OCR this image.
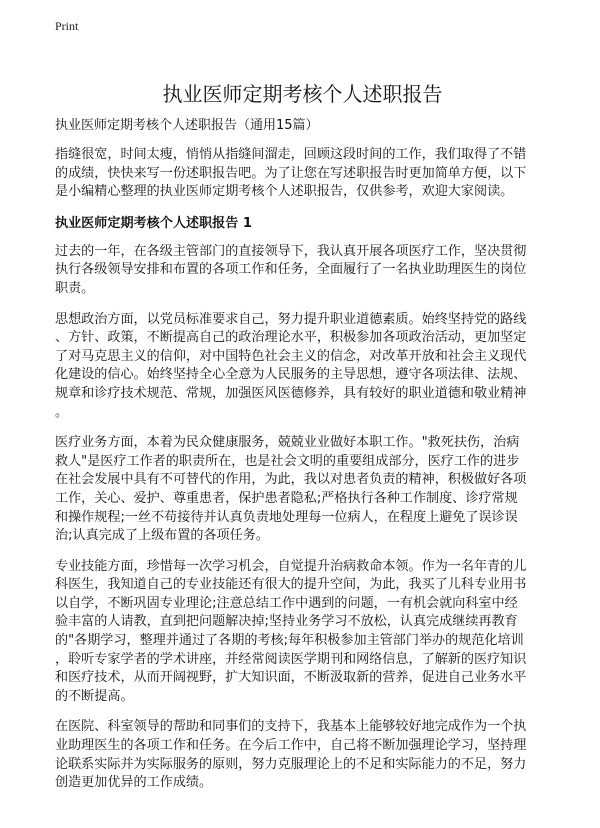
Print
执业医师定期考核个人述职报告
执业医师定期考核个人述职报告（通用15篇）
指缝很宽，时间太瘦，悄悄从指缝间溜走，回顾这段时间的工作，我们取得了不错
的成绩，快快来写一份述职报告吧。为了让您在写述职报告时更加简单方便，以下
是小编精心整理的执业医师定期考核个人述职报告，仅供参考，欢迎大家阅读。
执业医师定期考核个人述职报告 1
过去的一年，在各级主管部门的直接领导下，我认真开展各项医疗工作，坚决贯彻
执行各级领导安排和布置的各项工作和任务，全面履行了一名执业助理医生的岗位
职责。
思想政治方面，以党员标准要求自己，努力提升职业道德素质。始终坚持党的路线
、方针、政策，不断提高自己的政治理论水平，积极参加各项政治活动，更加坚定
了对马克思主义的信仰，对中国特色社会主义的信念，对改革开放和社会主义现代
化建设的信心。始终坚持全心全意为人民服务的主导思想，遵守各项法律、法规、
规章和诊疗技术规范、常规，加强医风医德修养，具有较好的职业道德和敬业精神
。
医疗业务方面，本着为民众健康服务，兢兢业业做好本职工作。"救死扶伤，治病
救人"是医疗工作者的职责所在，也是社会文明的重要组成部分，医疗工作的进步
在社会发展中具有不可替代的作用，为此，我以对患者负责的精神，积极做好各项
工作，关心、爱护、尊重患者，保护患者隐私;严格执行各种工作制度、诊疗常规
和操作规程;一丝不苟接待并认真负责地处理每一位病人，在程度上避免了误诊误
治;认真完成了上级布置的各项任务。
专业技能方面，珍惜每一次学习机会，自觉提升治病救命本领。作为一名年青的儿
科医生，我知道自己的专业技能还有很大的提升空间，为此，我买了儿科专业用书
以自学，不断巩固专业理论;注意总结工作中遇到的问题，一有机会就向科室中经
验丰富的人请教，直到把问题解决掉;坚持业务学习不放松，认真完成继续再教育
的"各期学习，整理并通过了各期的考核;每年积极参加主管部门举办的规范化培训
，聆听专家学者的学术讲座，并经常阅读医学期刊和网络信息，了解新的医疗知识
和医疗技术，从而开阔视野，扩大知识面，不断汲取新的营养，促进自己业务水平
的不断提高。
在医院、科室领导的帮助和同事们的支持下，我基本上能够较好地完成作为一个执
业助理医生的各项工作和任务。在今后工作中，自己将不断加强理论学习，坚持理
论联系实际并为实际服务的原则，努力克服理论上的不足和实际能力的不足，努力
创造更加优异的工作成绩。
